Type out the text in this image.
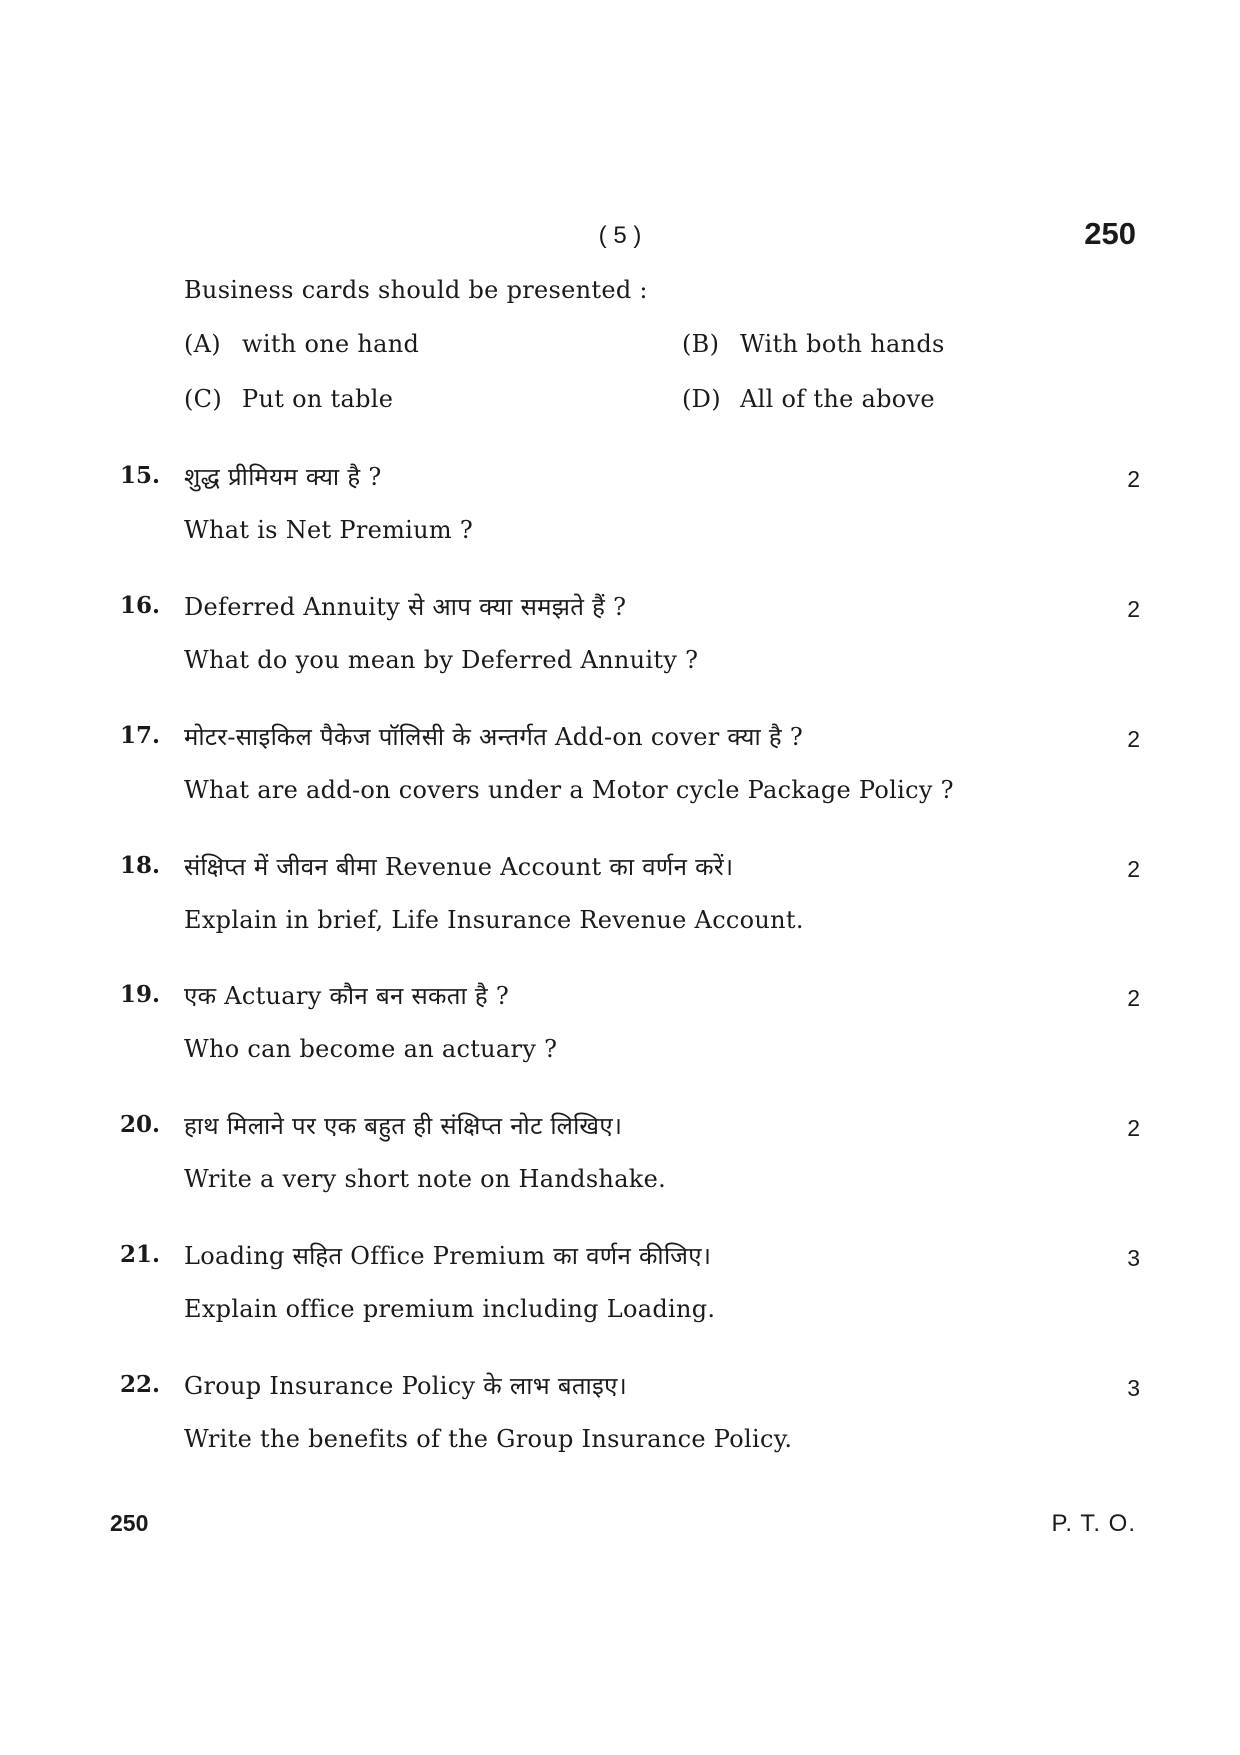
( 5 )	250
Business cards should be presented :
(A) with one hand	(B) With both hands
(C) Put on table	(D) All of the above
15. शुद्ध प्रीमियम क्या है ?
What is Net Premium ?
2
16. Deferred Annuity से आप क्या समझते हैं ?
What do you mean by Deferred Annuity ?
2
17. मोटर-साइकिल पैकेज पॉलिसी के अन्तर्गत Add-on cover क्या है ?
What are add-on covers under a Motor cycle Package Policy ?
2
18. संक्षिप्त में जीवन बीमा Revenue Account का वर्णन करें।
Explain in brief, Life Insurance Revenue Account.
2
19. एक Actuary कौन बन सकता है ?
Who can become an actuary ?
2
20. हाथ मिलाने पर एक बहुत ही संक्षिप्त नोट लिखिए।
Write a very short note on Handshake.
2
21. Loading सहित Office Premium का वर्णन कीजिए।
Explain office premium including Loading.
3
22. Group Insurance Policy के लाभ बताइए।
Write the benefits of the Group Insurance Policy.
3
250	P. T. O.
